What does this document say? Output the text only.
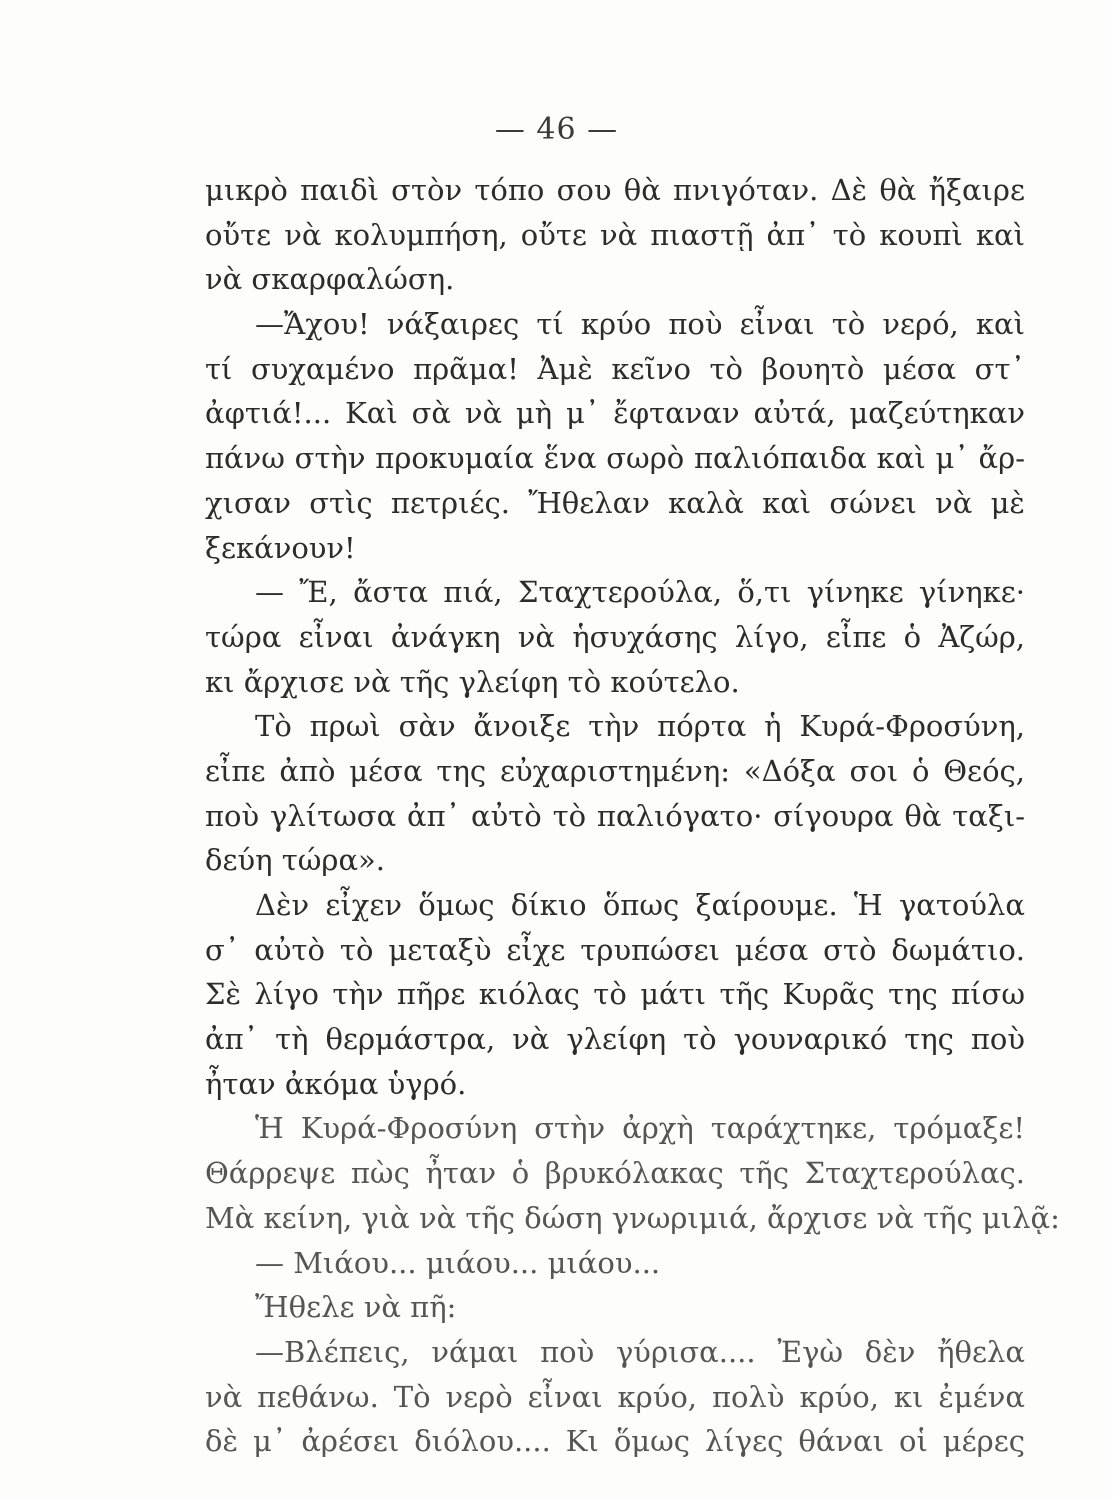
— 46 —
μικρὸ παιδὶ στὸν τόπο σου θὰ πνιγόταν. Δὲ θὰ ἤξαιρε
οὔτε νὰ κολυμπήση, οὔτε νὰ πιαστῇ ἀπ᾿ τὸ κουπὶ καὶ
νὰ σκαρφαλώση.
—Ἄχου! νάξαιρες τί κρύο ποὺ εἶναι τὸ νερό, καὶ
τί συχαμένο πρᾶμα! Ἀμὲ κεῖνο τὸ βουητὸ μέσα στ᾿
ἀφτιά!... Καὶ σὰ νὰ μὴ μ᾿ ἔφταναν αὐτά, μαζεύτηκαν
πάνω στὴν προκυμαία ἕνα σωρὸ παλιόπαιδα καὶ μ᾿ ἄρ-
χισαν στὶς πετριές. Ἤθελαν καλὰ καὶ σώνει νὰ μὲ
ξεκάνουν!
— Ἔ, ἄστα πιά, Σταχτερούλα, ὅ,τι γίνηκε γίνηκε·
τώρα εἶναι ἀνάγκη νὰ ἡσυχάσης λίγο, εἶπε ὁ Ἀζώρ,
κι ἄρχισε νὰ τῆς γλείφη τὸ κούτελο.
Τὸ πρωὶ σὰν ἄνοιξε τὴν πόρτα ἡ Κυρά-Φροσύνη,
εἶπε ἀπὸ μέσα της εὐχαριστημένη: «Δόξα σοι ὁ Θεός,
ποὺ γλίτωσα ἀπ᾿ αὐτὸ τὸ παλιόγατο· σίγουρα θὰ ταξι-
δεύη τώρα».
Δὲν εἶχεν ὅμως δίκιο ὅπως ξαίρουμε. Ἡ γατούλα
σ᾿ αὐτὸ τὸ μεταξὺ εἶχε τρυπώσει μέσα στὸ δωμάτιο.
Σὲ λίγο τὴν πῆρε κιόλας τὸ μάτι τῆς Κυρᾶς της πίσω
ἀπ᾿ τὴ θερμάστρα, νὰ γλείφη τὸ γουναρικό της ποὺ
ἦταν ἀκόμα ὑγρό.
Ἡ Κυρά-Φροσύνη στὴν ἀρχὴ ταράχτηκε, τρόμαξε!
Θάρρεψε πὼς ἦταν ὁ βρυκόλακας τῆς Σταχτερούλας.
Μὰ κείνη, γιὰ νὰ τῆς δώση γνωριμιά, ἄρχισε νὰ τῆς μιλᾷ:
— Μιάου... μιάου... μιάου...
Ἤθελε νὰ πῆ:
—Βλέπεις, νάμαι ποὺ γύρισα.... Ἐγὼ δὲν ἤθελα
νὰ πεθάνω. Τὸ νερὸ εἶναι κρύο, πολὺ κρύο, κι ἐμένα
δὲ μ᾿ ἀρέσει διόλου.... Κι ὅμως λίγες θάναι οἱ μέρες
